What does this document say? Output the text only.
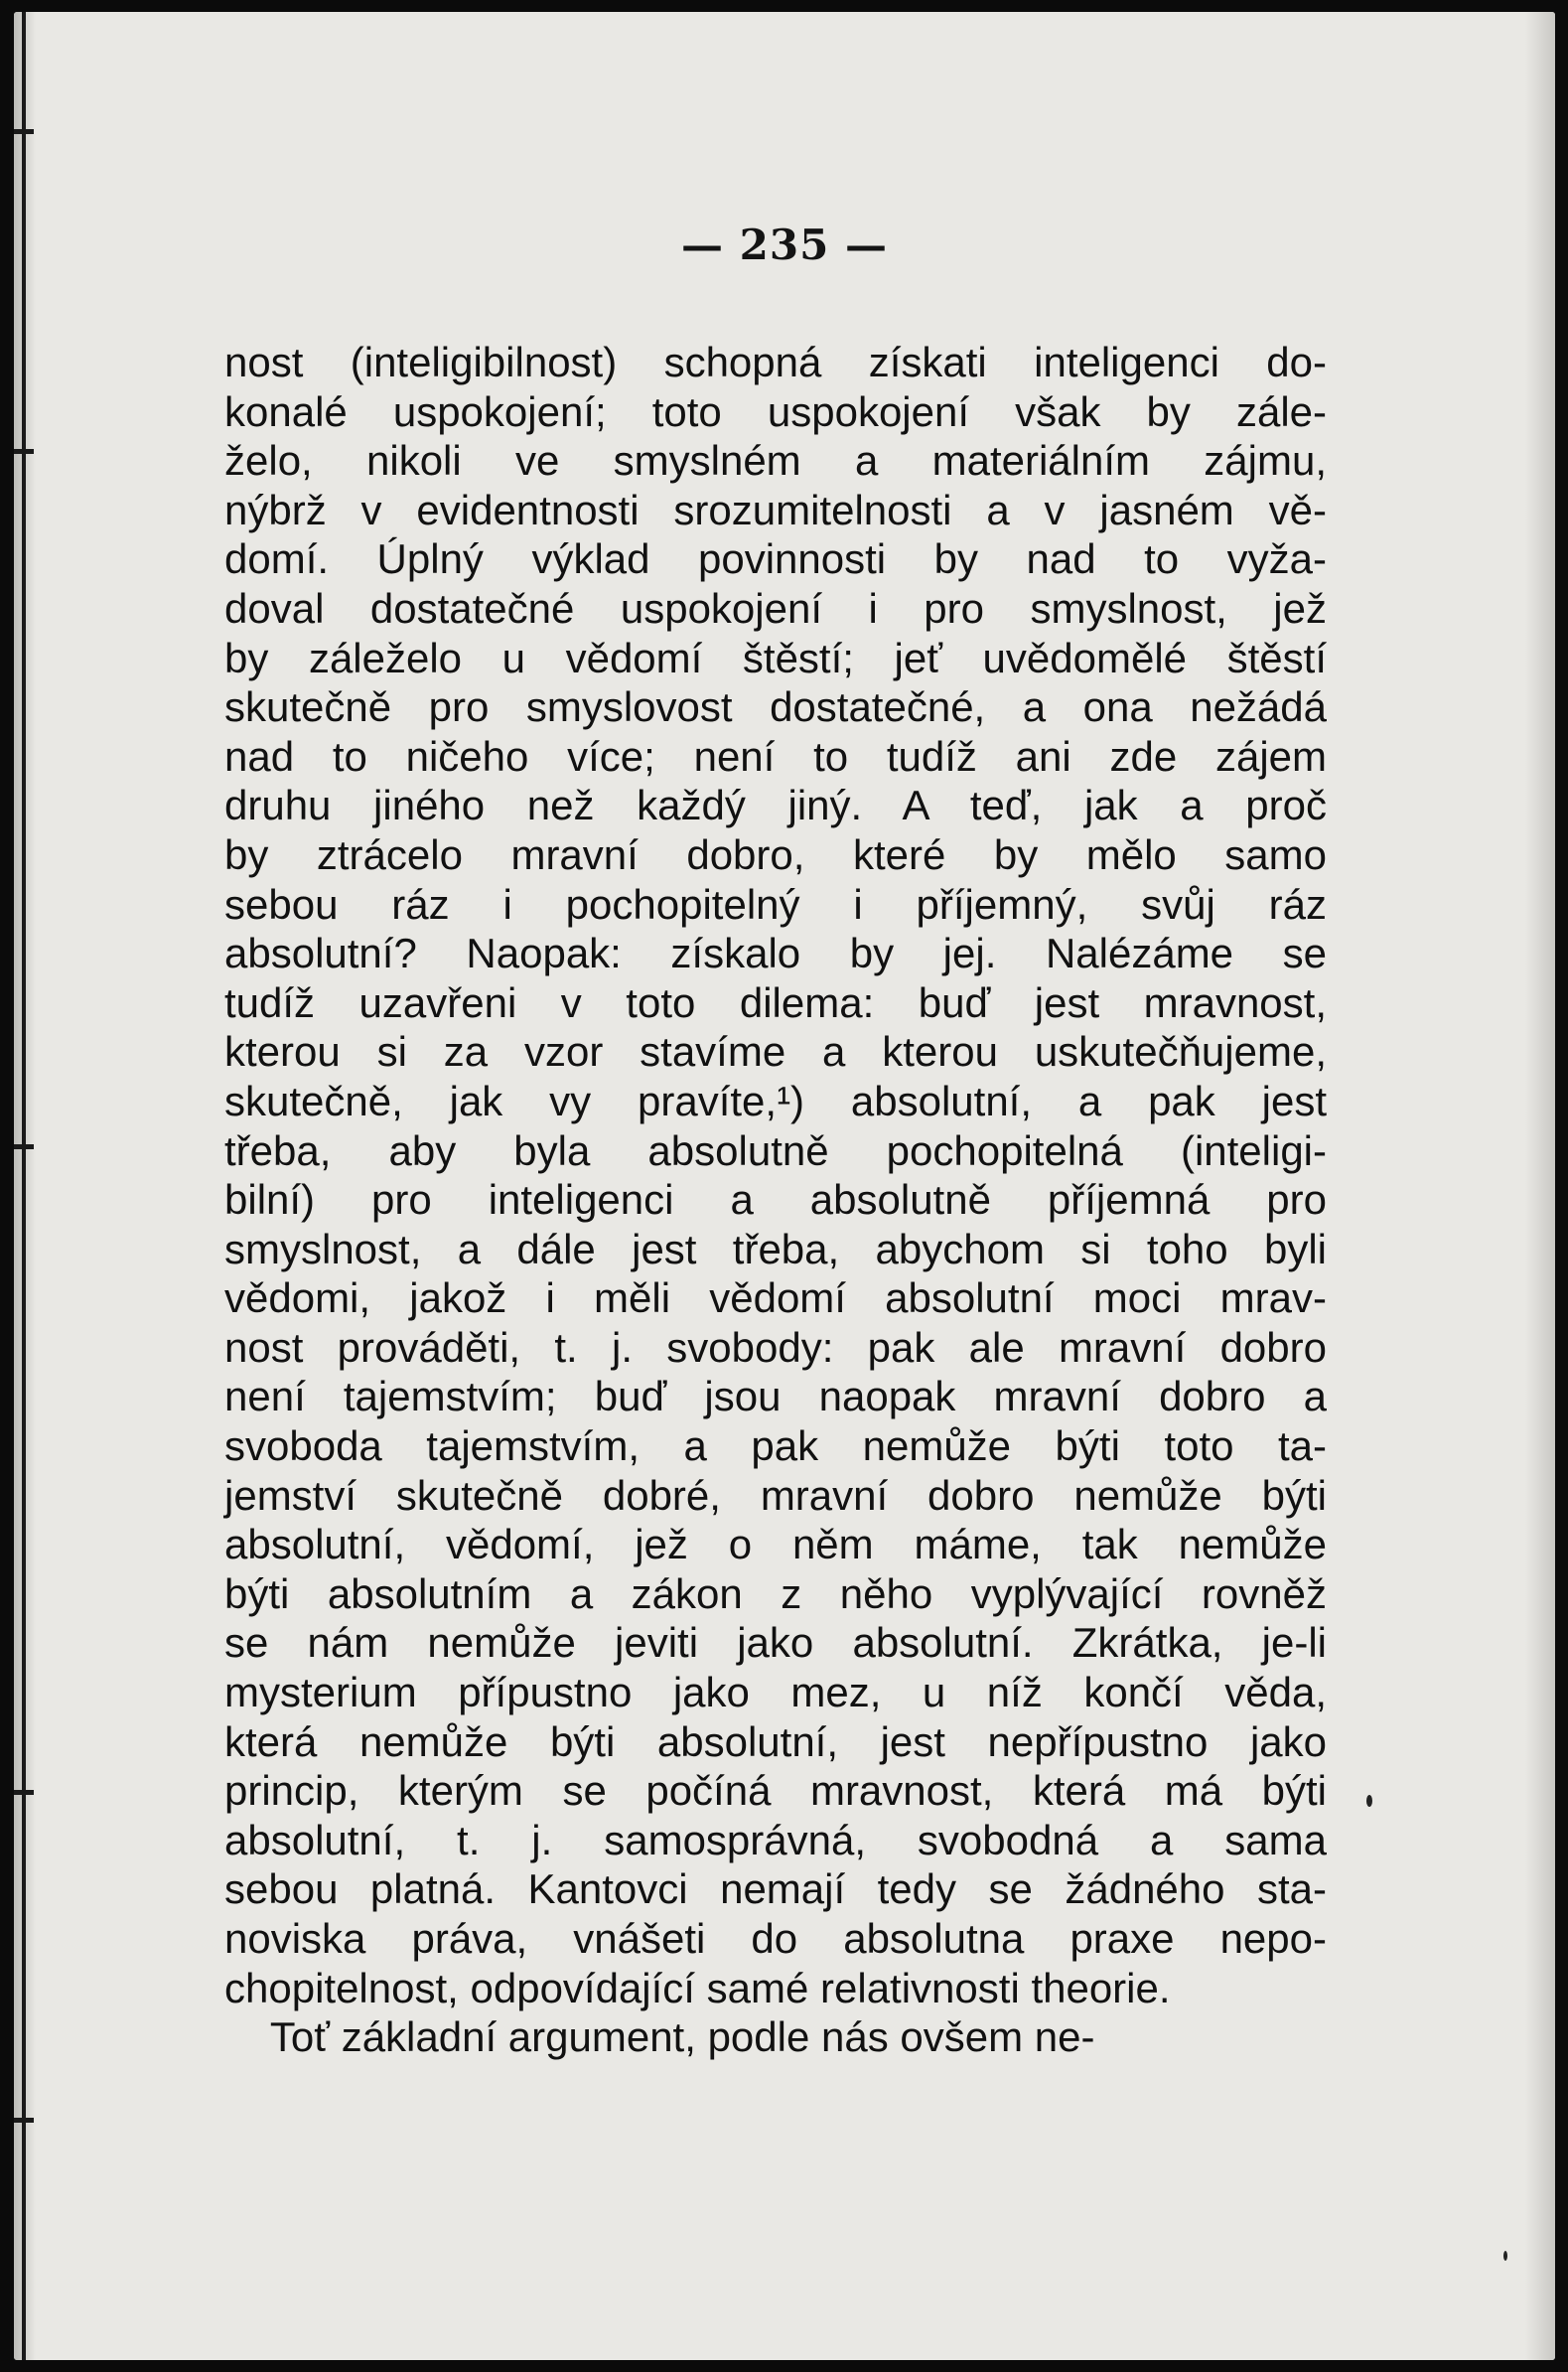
— 235 —
nost (inteligibilnost) schopná získati inteligenci do-
konalé uspokojení; toto uspokojení však by zále-
želo, nikoli ve smyslném a materiálním zájmu,
nýbrž v evidentnosti srozumitelnosti a v jasném vě-
domí. Úplný výklad povinnosti by nad to vyža-
doval dostatečné uspokojení i pro smyslnost, jež
by záleželo u vědomí štěstí; jeť uvědomělé štěstí
skutečně pro smyslovost dostatečné, a ona nežádá
nad to ničeho více; není to tudíž ani zde zájem
druhu jiného než každý jiný. A teď, jak a proč
by ztrácelo mravní dobro, které by mělo samo
sebou ráz i pochopitelný i příjemný, svůj ráz
absolutní? Naopak: získalo by jej. Nalézáme se
tudíž uzavřeni v toto dilema: buď jest mravnost,
kterou si za vzor stavíme a kterou uskutečňujeme,
skutečně, jak vy pravíte,¹) absolutní, a pak jest
třeba, aby byla absolutně pochopitelná (inteligi-
bilní) pro inteligenci a absolutně příjemná pro
smyslnost, a dále jest třeba, abychom si toho byli
vědomi, jakož i měli vědomí absolutní moci mrav-
nost prováděti, t. j. svobody: pak ale mravní dobro
není tajemstvím; buď jsou naopak mravní dobro a
svoboda tajemstvím, a pak nemůže býti toto ta-
jemství skutečně dobré, mravní dobro nemůže býti
absolutní, vědomí, jež o něm máme, tak nemůže
býti absolutním a zákon z něho vyplývající rovněž
se nám nemůže jeviti jako absolutní. Zkrátka, je-li
mysterium přípustno jako mez, u níž končí věda,
která nemůže býti absolutní, jest nepřípustno jako
princip, kterým se počíná mravnost, která má býti
absolutní, t. j. samosprávná, svobodná a sama
sebou platná. Kantovci nemají tedy se žádného sta-
noviska práva, vnášeti do absolutna praxe nepo-
chopitelnost, odpovídající samé relativnosti theorie.
Toť základní argument, podle nás ovšem ne-
